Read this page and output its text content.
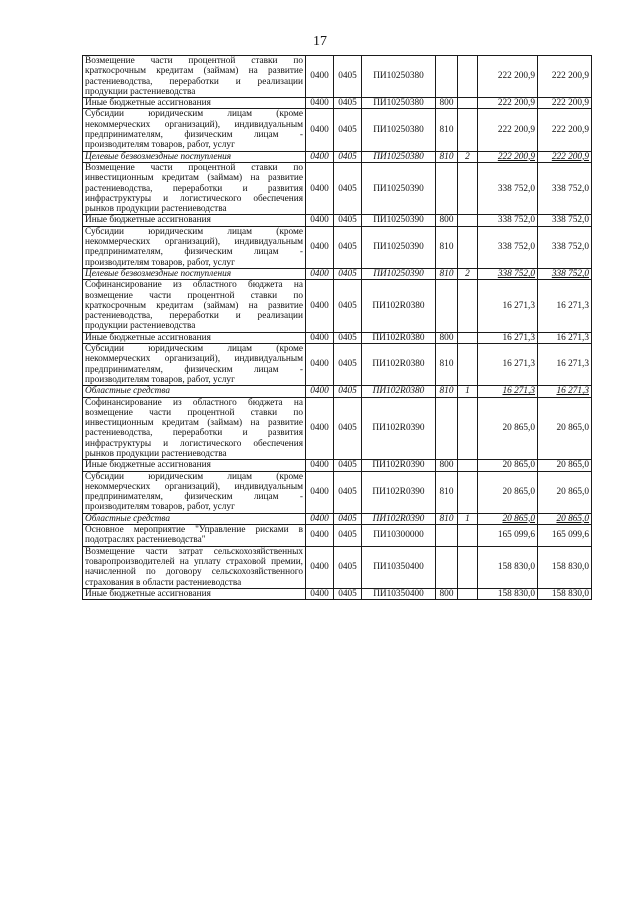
17
Возмещение части процентной ставки по краткосрочным кредитам (займам) на развитие растениеводства, переработки и реализации продукции растениеводства	0400	0405	ПИ10250380			222 200,9	222 200,9
Иные бюджетные ассигнования	0400	0405	ПИ10250380	800		222 200,9	222 200,9
Субсидии юридическим лицам (кроме некоммерческих организаций), индивидуальным предпринимателям, физическим лицам - производителям товаров, работ, услуг	0400	0405	ПИ10250380	810		222 200,9	222 200,9
Целевые безвозмездные поступления	0400	0405	ПИ10250380	810	2	222 200,9	222 200,9
Возмещение части процентной ставки по инвестиционным кредитам (займам) на развитие растениеводства, переработки и развития инфраструктуры и логистического обеспечения рынков продукции растениеводства	0400	0405	ПИ10250390			338 752,0	338 752,0
Иные бюджетные ассигнования	0400	0405	ПИ10250390	800		338 752,0	338 752,0
Субсидии юридическим лицам (кроме некоммерческих организаций), индивидуальным предпринимателям, физическим лицам - производителям товаров, работ, услуг	0400	0405	ПИ10250390	810		338 752,0	338 752,0
Целевые безвозмездные поступления	0400	0405	ПИ10250390	810	2	338 752,0	338 752,0
Софинансирование из областного бюджета на возмещение части процентной ставки по краткосрочным кредитам (займам) на развитие растениеводства, переработки и реализации продукции растениеводства	0400	0405	ПИ102R0380			16 271,3	16 271,3
Иные бюджетные ассигнования	0400	0405	ПИ102R0380	800		16 271,3	16 271,3
Субсидии юридическим лицам (кроме некоммерческих организаций), индивидуальным предпринимателям, физическим лицам - производителям товаров, работ, услуг	0400	0405	ПИ102R0380	810		16 271,3	16 271,3
Областные средства	0400	0405	ПИ102R0380	810	1	16 271,3	16 271,3
Софинансирование из областного бюджета на возмещение части процентной ставки по инвестиционным кредитам (займам) на развитие растениеводства, переработки и развития инфраструктуры и логистического обеспечения рынков продукции растениеводства	0400	0405	ПИ102R0390			20 865,0	20 865,0
Иные бюджетные ассигнования	0400	0405	ПИ102R0390	800		20 865,0	20 865,0
Субсидии юридическим лицам (кроме некоммерческих организаций), индивидуальным предпринимателям, физическим лицам - производителям товаров, работ, услуг	0400	0405	ПИ102R0390	810		20 865,0	20 865,0
Областные средства	0400	0405	ПИ102R0390	810	1	20 865,0	20 865,0
Основное мероприятие "Управление рисками в подотраслях растениеводства"	0400	0405	ПИ10300000			165 099,6	165 099,6
Возмещение части затрат сельскохозяйственных товаропроизводителей на уплату страховой премии, начисленной по договору сельскохозяйственного страхования в области растениеводства	0400	0405	ПИ10350400			158 830,0	158 830,0
Иные бюджетные ассигнования	0400	0405	ПИ10350400	800		158 830,0	158 830,0
